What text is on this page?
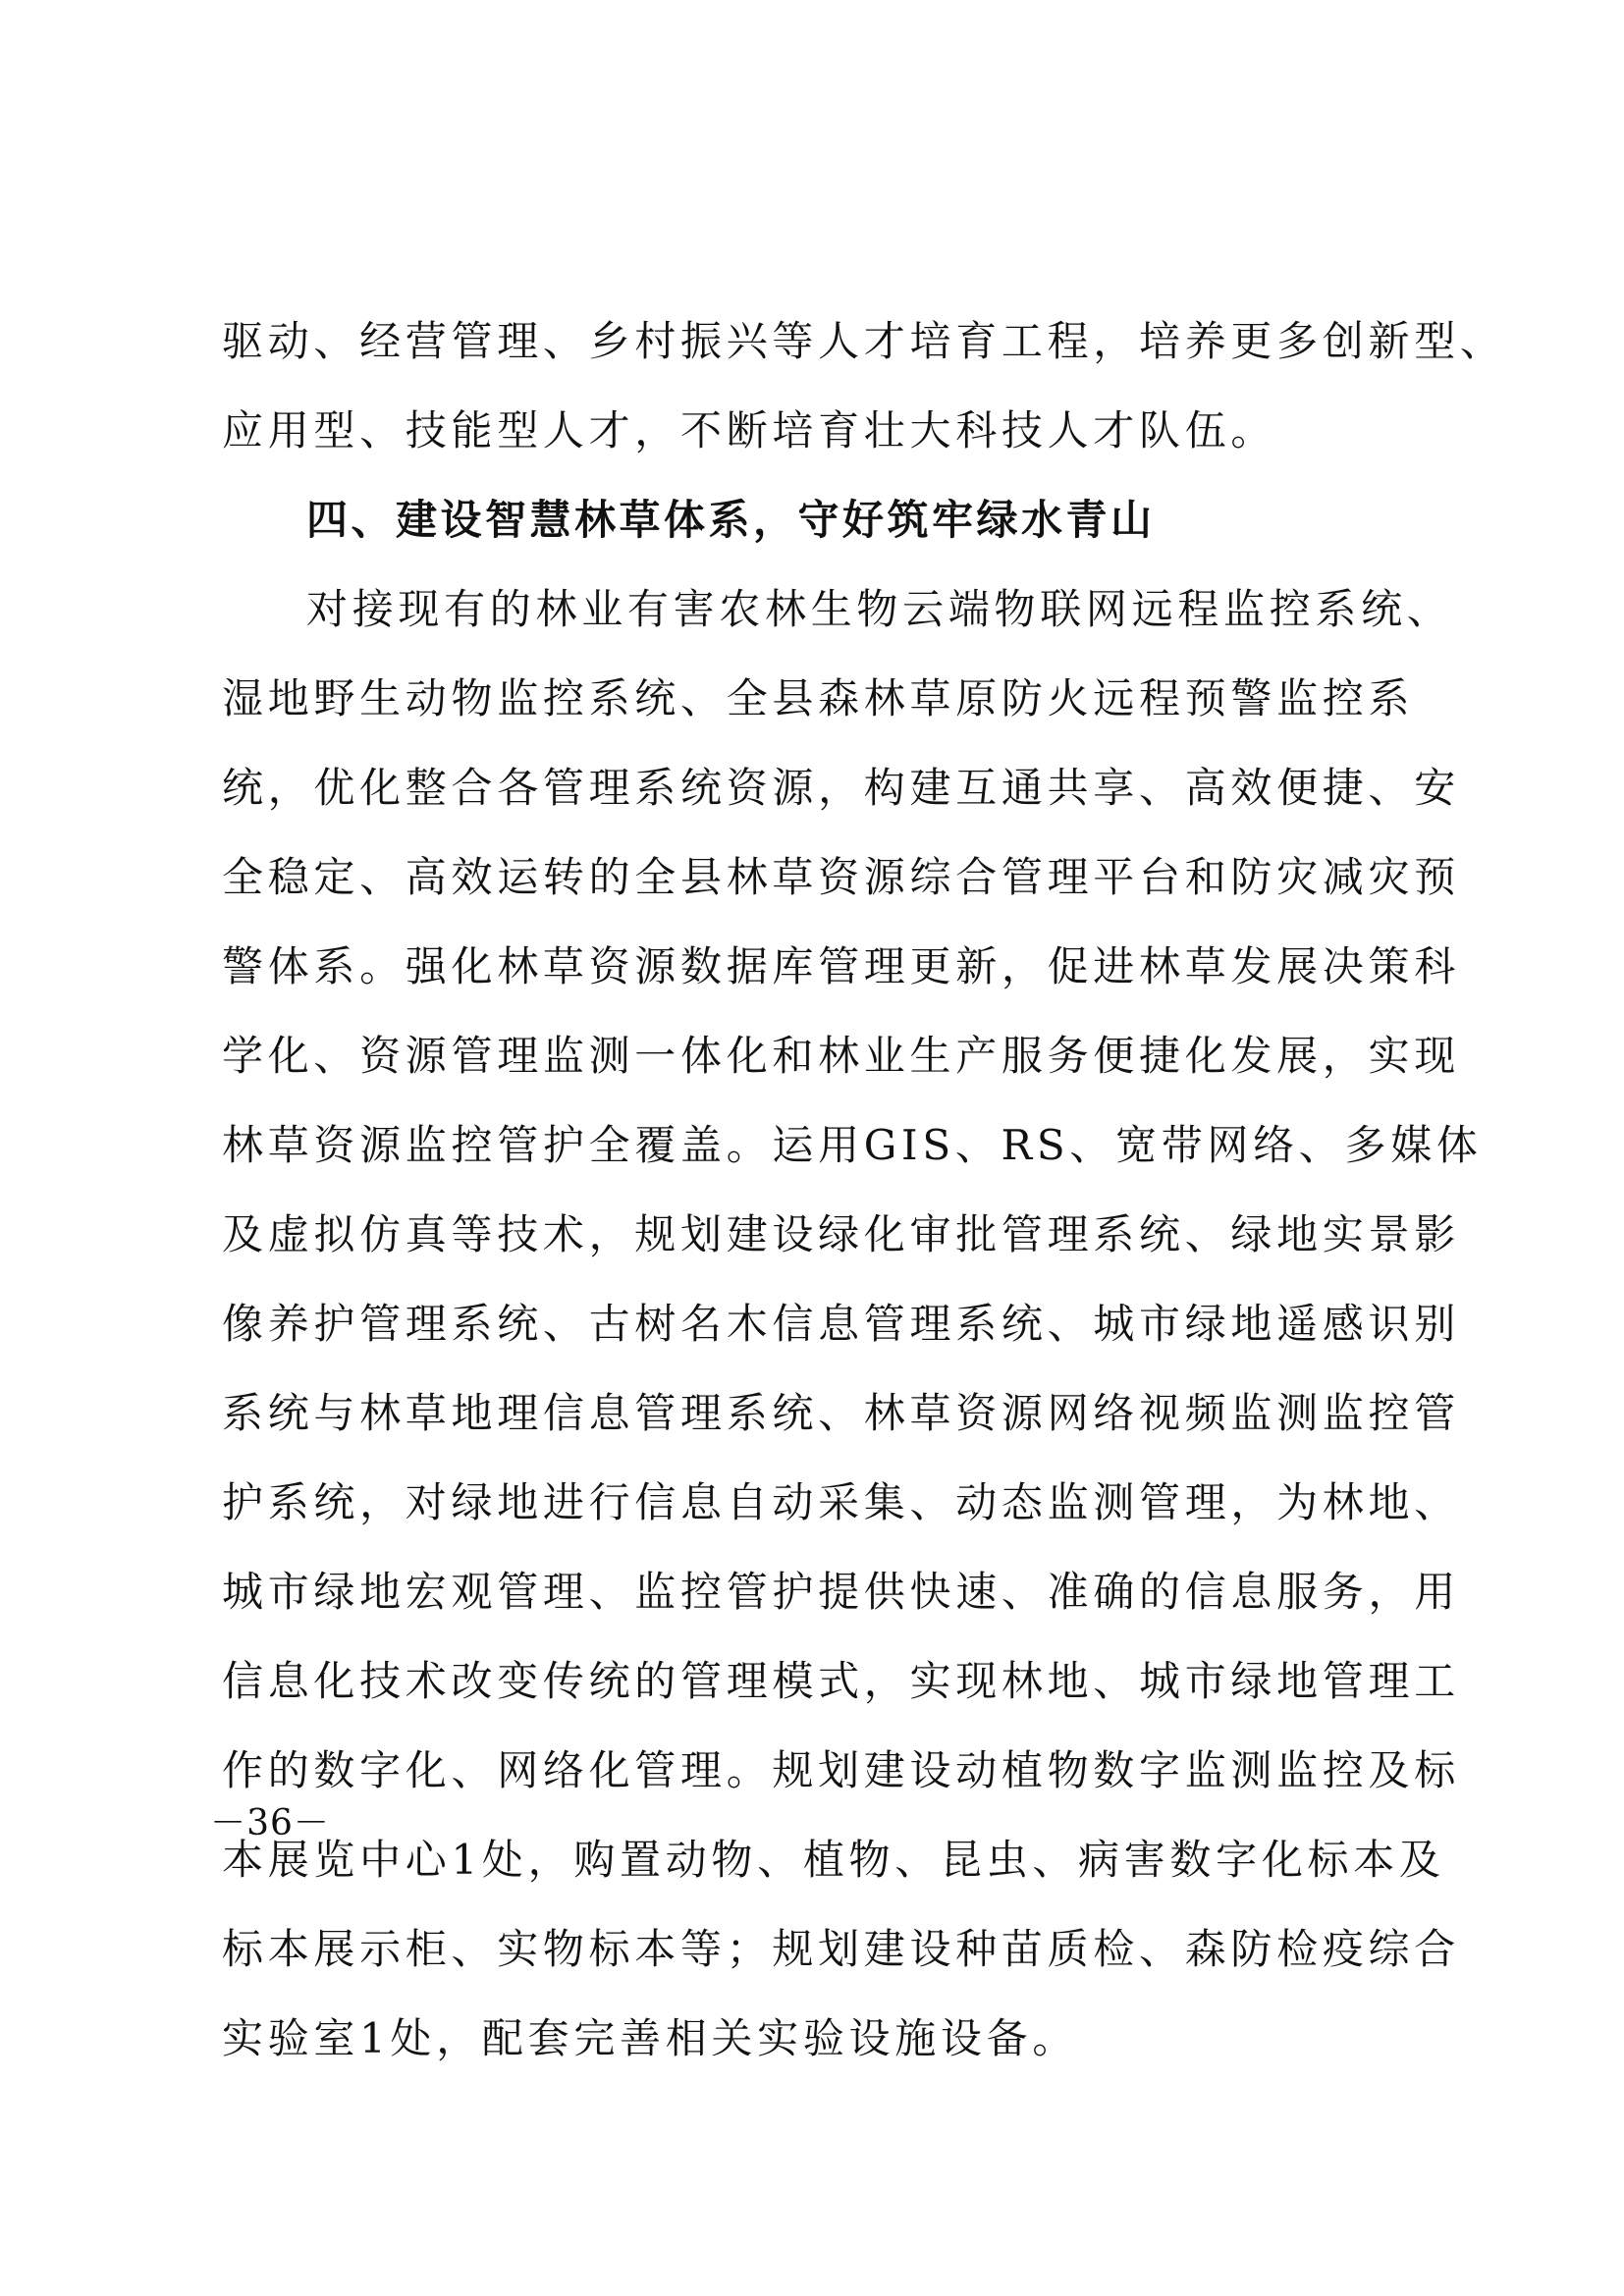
驱动、经营管理、乡村振兴等人才培育工程，培养更多创新型、
应用型、技能型人才，不断培育壮大科技人才队伍。
四、建设智慧林草体系，守好筑牢绿水青山
对接现有的林业有害农林生物云端物联网远程监控系统、
湿地野生动物监控系统、全县森林草原防火远程预警监控系
统，优化整合各管理系统资源，构建互通共享、高效便捷、安
全稳定、高效运转的全县林草资源综合管理平台和防灾减灾预
警体系。强化林草资源数据库管理更新，促进林草发展决策科
学化、资源管理监测一体化和林业生产服务便捷化发展，实现
林草资源监控管护全覆盖。运用GIS、RS、宽带网络、多媒体
及虚拟仿真等技术，规划建设绿化审批管理系统、绿地实景影
像养护管理系统、古树名木信息管理系统、城市绿地遥感识别
系统与林草地理信息管理系统、林草资源网络视频监测监控管
护系统，对绿地进行信息自动采集、动态监测管理，为林地、
城市绿地宏观管理、监控管护提供快速、准确的信息服务，用
信息化技术改变传统的管理模式，实现林地、城市绿地管理工
作的数字化、网络化管理。规划建设动植物数字监测监控及标
本展览中心1处，购置动物、植物、昆虫、病害数字化标本及
标本展示柜、实物标本等；规划建设种苗质检、森防检疫综合
实验室1处，配套完善相关实验设施设备。
－36－
